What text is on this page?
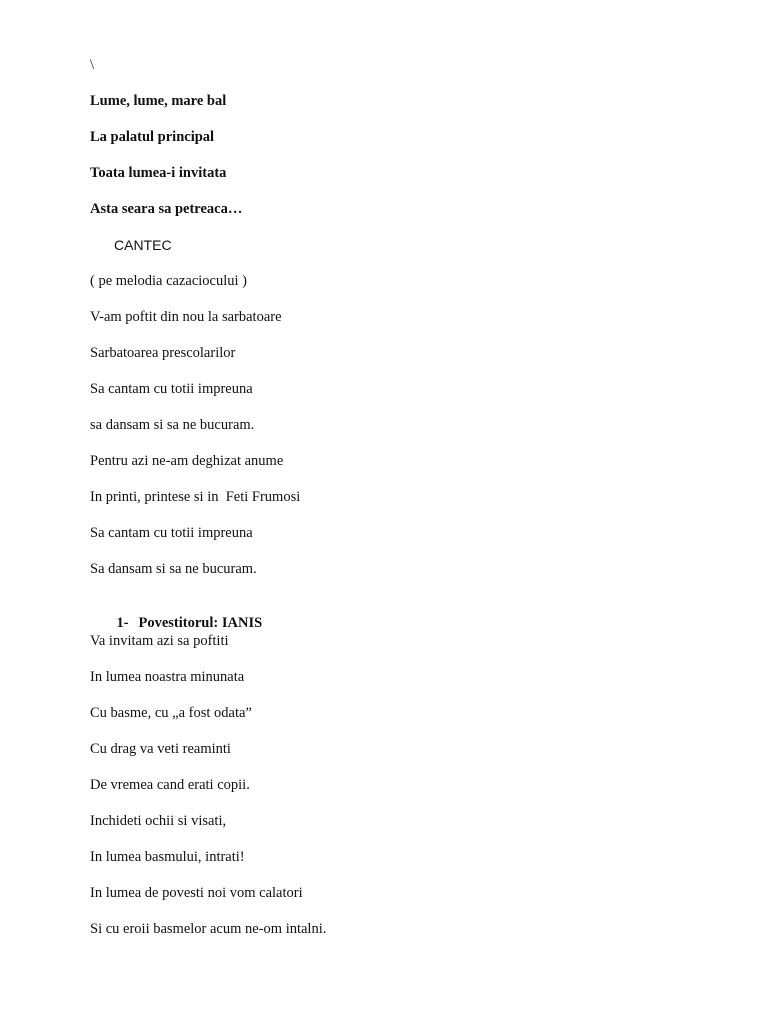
\
Lume, lume, mare bal
La palatul principal
Toata lumea-i invitata
Asta seara sa petreaca…
CANTEC
( pe melodia cazaciocului )
V-am poftit din nou la sarbatoare
Sarbatoarea prescolarilor
Sa cantam cu totii impreuna
sa dansam si sa ne bucuram.
Pentru azi ne-am deghizat anume
In printi, printese si in  Feti Frumosi
Sa cantam cu totii impreuna
Sa dansam si sa ne bucuram.

1- Povestitorul: IANIS

Va invitam azi sa poftiti
In lumea noastra minunata
Cu basme, cu „a fost odata”
Cu drag va veti reaminti
De vremea cand erati copii.
Inchideti ochii si visati,
In lumea basmului, intrati!
In lumea de povesti noi vom calatori
Si cu eroii basmelor acum ne-om intalni.
